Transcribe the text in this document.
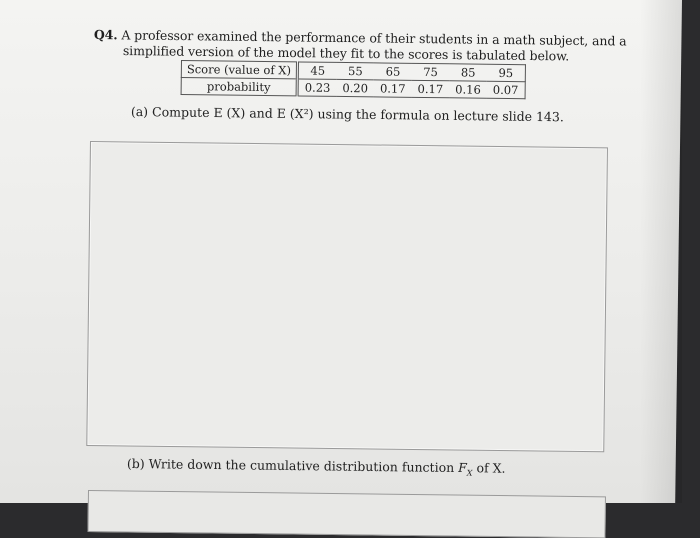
Q4. A professor examined the performance of their students in a math subject, and a
simplified version of the model they fit to the scores is tabulated below.
Score (value of X)	45	55	65	75	85	95
probability	0.23	0.20	0.17	0.17	0.16	0.07
(a) Compute E (X) and E (X²) using the formula on lecture slide 143.
(b) Write down the cumulative distribution function $F_X$ of X.
